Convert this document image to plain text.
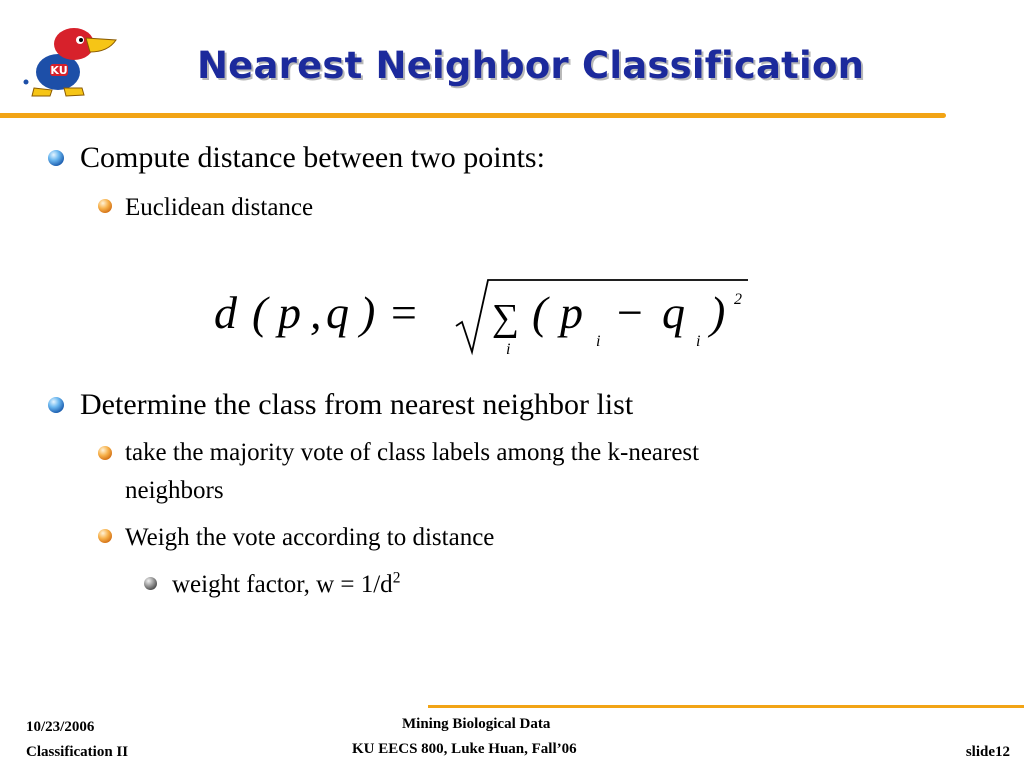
KU	Nearest Neighbor Classification
Compute distance between two points:
Euclidean distance
d ( p , q ) = ∑
i
( p
i
− q
i
) 2
Determine the class from nearest neighbor list
take the majority vote of class labels among the k-nearest
neighbors
Weigh the vote according to distance
weight factor, $w = 1/d^2$
10/23/2006
Classification II
Mining Biological Data
KU EECS 800, Luke Huan, Fall’06	slide12
